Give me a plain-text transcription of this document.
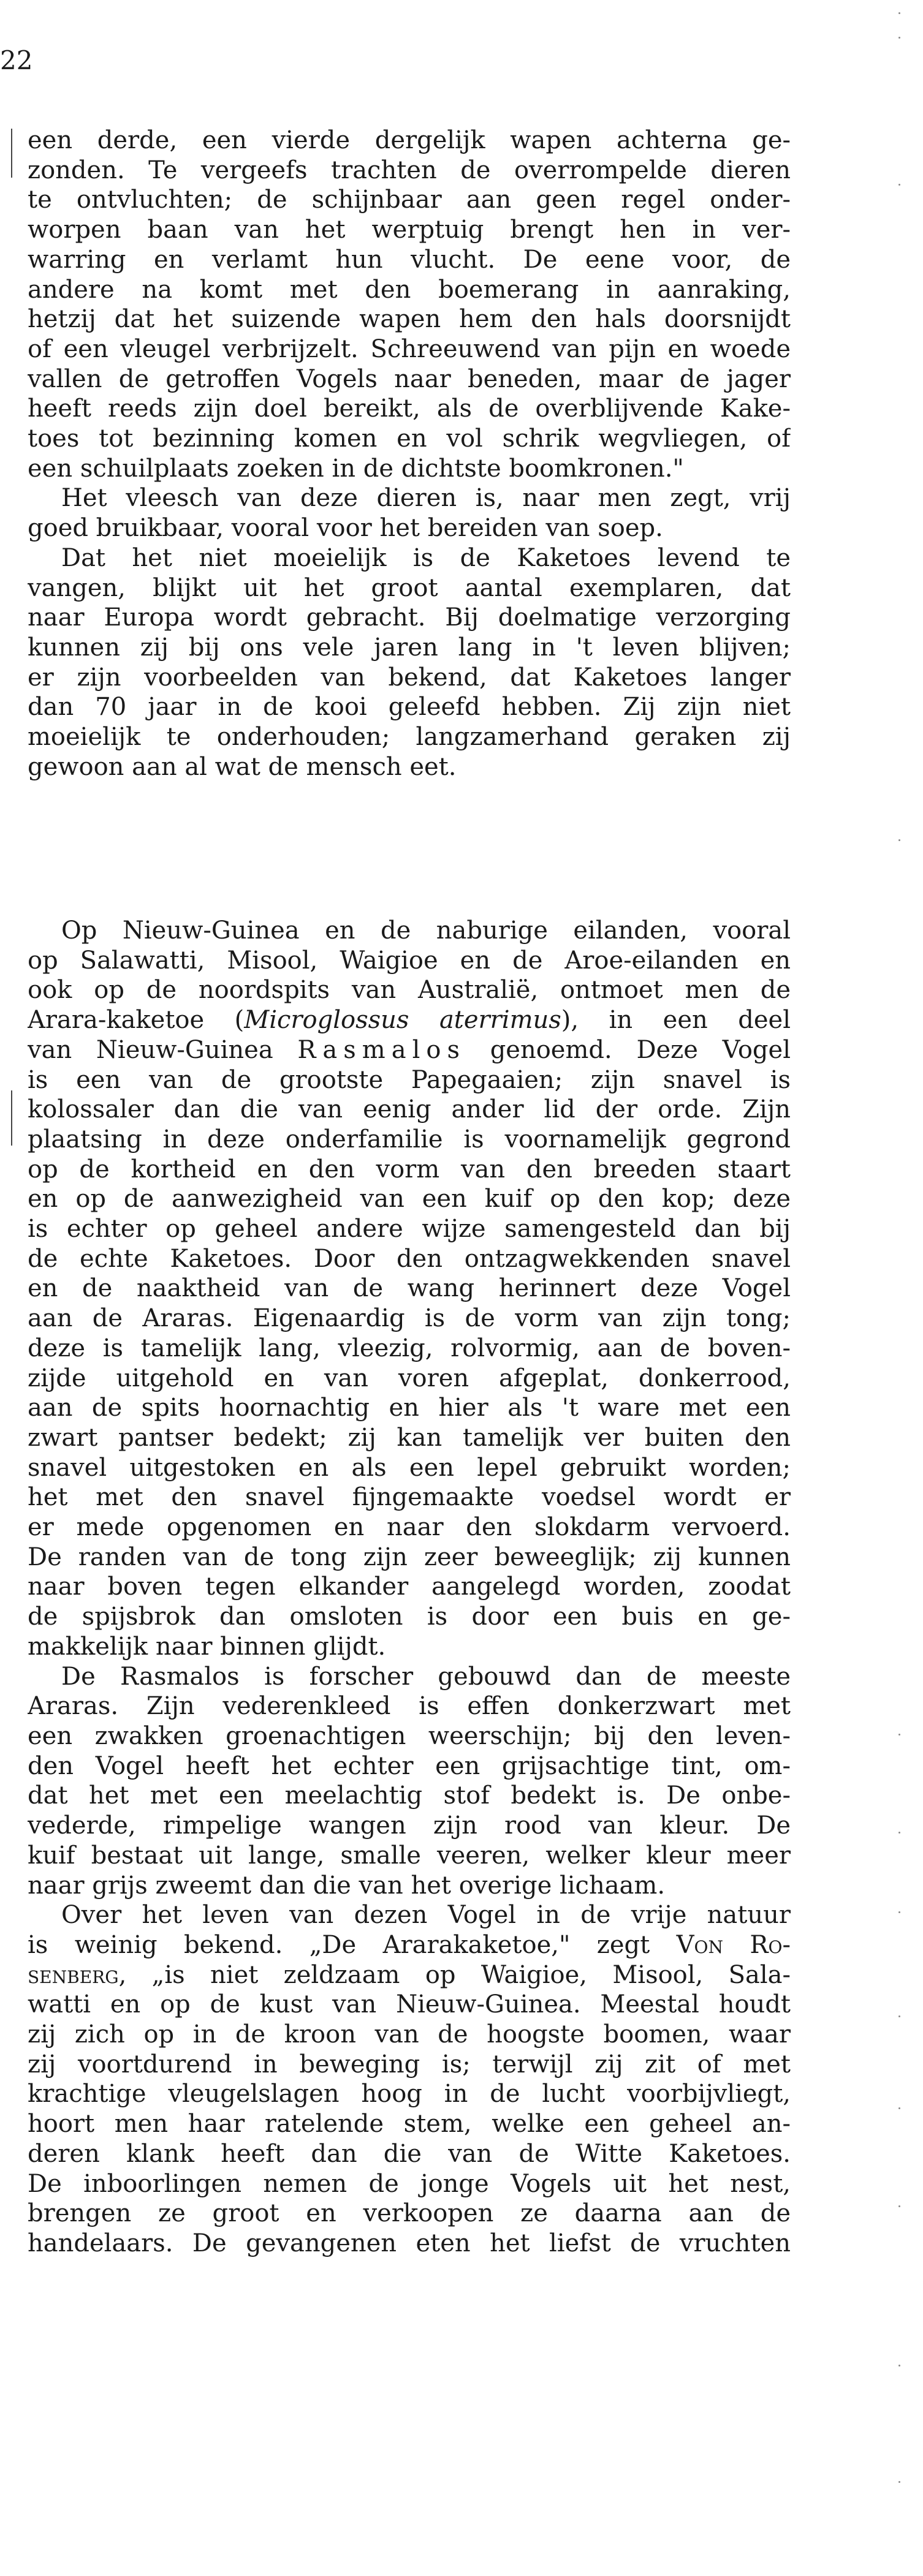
22

een derde, een vierde dergelijk wapen achterna ge-

zonden. Te vergeefs trachten de overrompelde dieren

te ontvluchten; de schijnbaar aan geen regel onder-

worpen baan van het werptuig brengt hen in ver-

warring en verlamt hun vlucht. De eene voor, de

andere na komt met den boemerang in aanraking,

hetzij dat het suizende wapen hem den hals doorsnijdt

of een vleugel verbrijzelt. Schreeuwend van pijn en woede

vallen de getroffen Vogels naar beneden, maar de jager

heeft reeds zijn doel bereikt, als de overblijvende Kake-

toes tot bezinning komen en vol schrik wegvliegen, of

een schuilplaats zoeken in de dichtste boomkronen."

Het vleesch van deze dieren is, naar men zegt, vrij

goed bruikbaar, vooral voor het bereiden van soep.

Dat het niet moeielijk is de Kaketoes levend te

vangen, blijkt uit het groot aantal exemplaren, dat

naar Europa wordt gebracht. Bij doelmatige verzorging

kunnen zij bij ons vele jaren lang in 't leven blijven;

er zijn voorbeelden van bekend, dat Kaketoes langer

dan 70 jaar in de kooi geleefd hebben. Zij zijn niet

moeielijk te onderhouden; langzamerhand geraken zij

gewoon aan al wat de mensch eet.

Op Nieuw-Guinea en de naburige eilanden, vooral

op Salawatti, Misool, Waigioe en de Aroe-eilanden en

ook op de noordspits van Australië, ontmoet men de

Arara-kaketoe (Microglossus aterrimus), in een deel

van Nieuw-Guinea Rasmalos genoemd. Deze Vogel

is een van de grootste Papegaaien; zijn snavel is

kolossaler dan die van eenig ander lid der orde. Zijn

plaatsing in deze onderfamilie is voornamelijk gegrond

op de kortheid en den vorm van den breeden staart

en op de aanwezigheid van een kuif op den kop; deze

is echter op geheel andere wijze samengesteld dan bij

de echte Kaketoes. Door den ontzagwekkenden snavel

en de naaktheid van de wang herinnert deze Vogel

aan de Araras. Eigenaardig is de vorm van zijn tong;

deze is tamelijk lang, vleezig, rolvormig, aan de boven-

zijde uitgehold en van voren afgeplat, donkerrood,

aan de spits hoornachtig en hier als 't ware met een

zwart pantser bedekt; zij kan tamelijk ver buiten den

snavel uitgestoken en als een lepel gebruikt worden;

het met den snavel fijngemaakte voedsel wordt er

er mede opgenomen en naar den slokdarm vervoerd.

De randen van de tong zijn zeer beweeglijk; zij kunnen

naar boven tegen elkander aangelegd worden, zoodat

de spijsbrok dan omsloten is door een buis en ge-

makkelijk naar binnen glijdt.

De Rasmalos is forscher gebouwd dan de meeste

Araras. Zijn vederenkleed is effen donkerzwart met

een zwakken groenachtigen weerschijn; bij den leven-

den Vogel heeft het echter een grijsachtige tint, om-

dat het met een meelachtig stof bedekt is. De onbe-

vederde, rimpelige wangen zijn rood van kleur. De

kuif bestaat uit lange, smalle veeren, welker kleur meer

naar grijs zweemt dan die van het overige lichaam.

Over het leven van dezen Vogel in de vrije natuur

is weinig bekend. „De Ararakaketoe," zegt Von Ro-

senberg, „is niet zeldzaam op Waigioe, Misool, Sala-

watti en op de kust van Nieuw-Guinea. Meestal houdt

zij zich op in de kroon van de hoogste boomen, waar

zij voortdurend in beweging is; terwijl zij zit of met

krachtige vleugelslagen hoog in de lucht voorbijvliegt,

hoort men haar ratelende stem, welke een geheel an-

deren klank heeft dan die van de Witte Kaketoes.

De inboorlingen nemen de jonge Vogels uit het nest,

brengen ze groot en verkoopen ze daarna aan de

handelaars. De gevangenen eten het liefst de vruchten
